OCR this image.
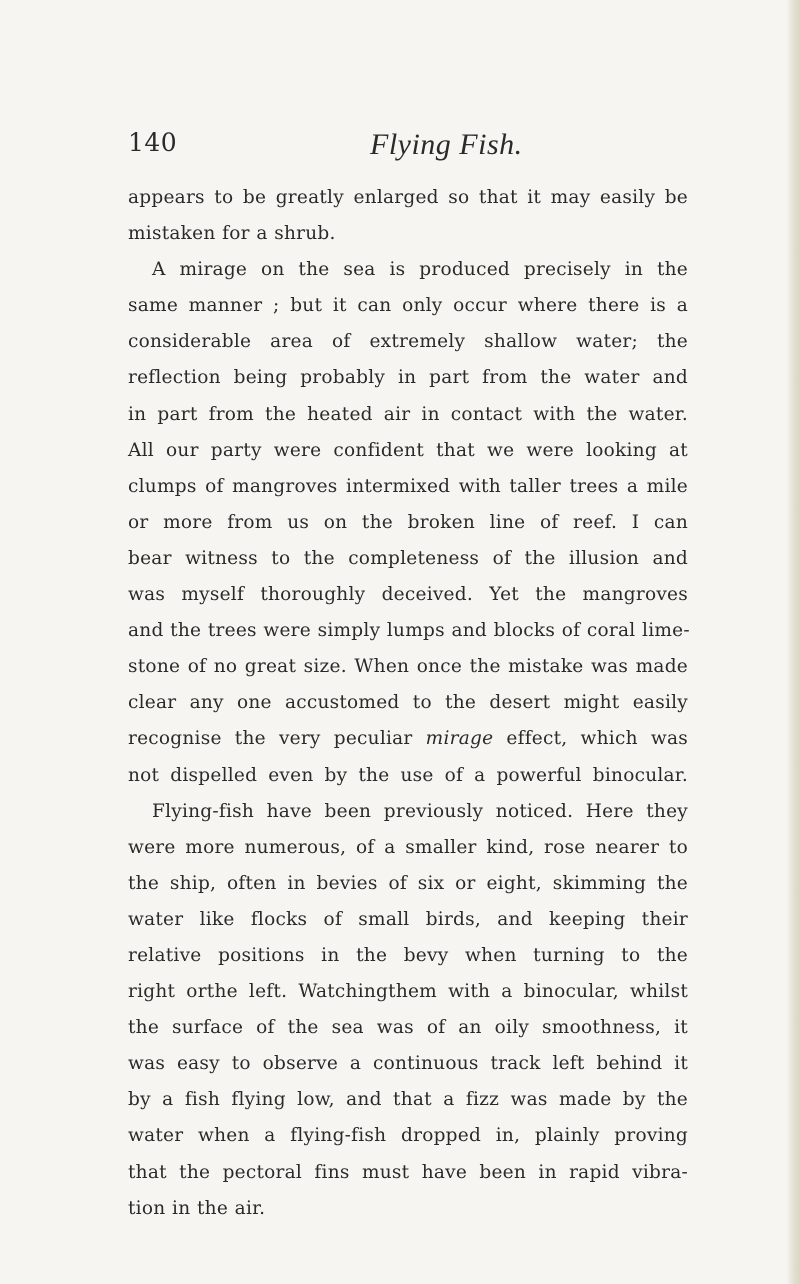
140	Flying Fish.
appears to be greatly enlarged so that it may easily be
mistaken for a shrub.
A mirage on the sea is produced precisely in the
same manner ; but it can only occur where there is a
considerable area of extremely shallow water; the
reflection being probably in part from the water and
in part from the heated air in contact with the water.
All our party were confident that we were looking at
clumps of mangroves intermixed with taller trees a mile
or more from us on the broken line of reef. I can
bear witness to the completeness of the illusion and
was myself thoroughly deceived. Yet the mangroves
and the trees were simply lumps and blocks of coral lime-
stone of no great size. When once the mistake was made
clear any one accustomed to the desert might easily
recognise the very peculiar mirage effect, which was
not dispelled even by the use of a powerful binocular.
Flying-fish have been previously noticed. Here they
were more numerous, of a smaller kind, rose nearer to
the ship, often in bevies of six or eight, skimming the
water like flocks of small birds, and keeping their
relative positions in the bevy when turning to the
right orthe left. Watchingthem with a binocular, whilst
the surface of the sea was of an oily smoothness, it
was easy to observe a continuous track left behind it
by a fish flying low, and that a fizz was made by the
water when a flying-fish dropped in, plainly proving
that the pectoral fins must have been in rapid vibra-
tion in the air.
